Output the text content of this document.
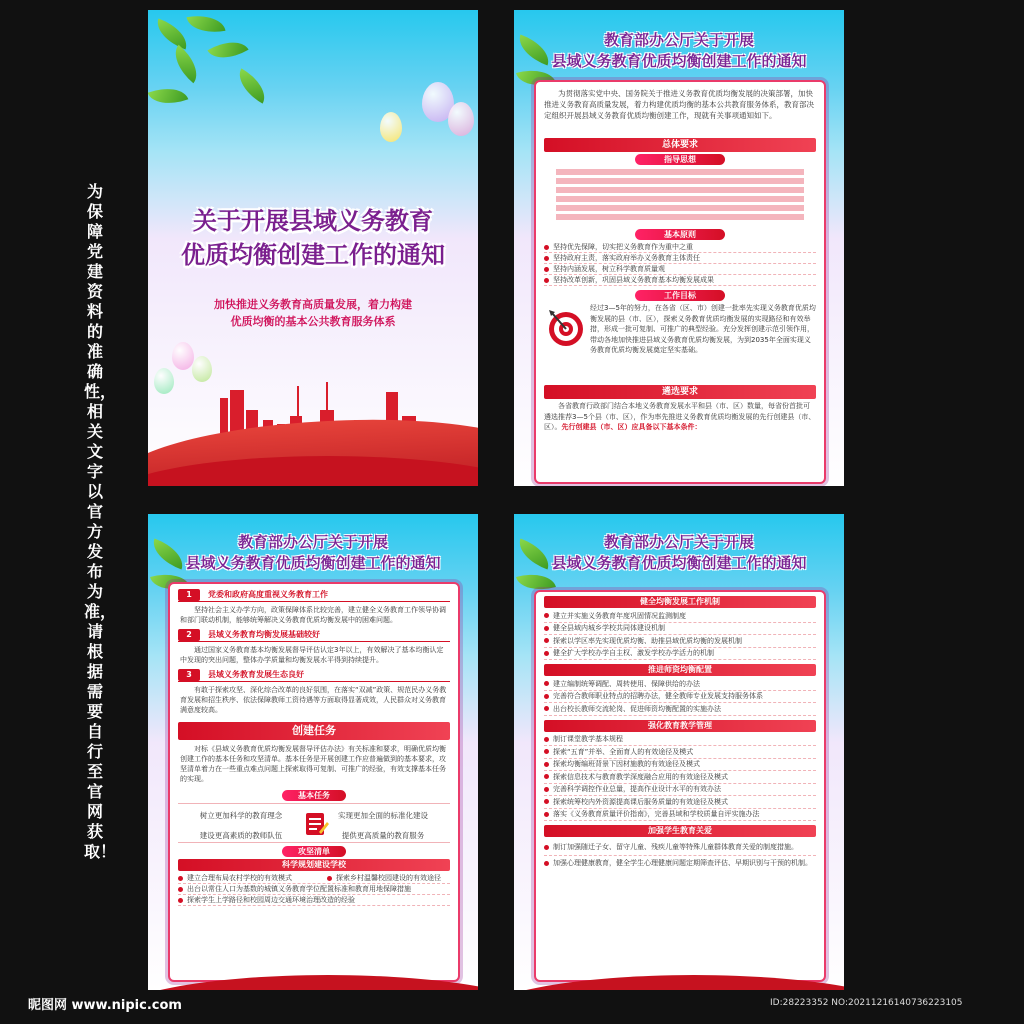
为保障党建资料的准确性，相关文字以官方发布为准，请根据需要自行至官网获取！
关于开展县域义务教育
优质均衡创建工作的通知
加快推进义务教育高质量发展，着力构建
优质均衡的基本公共教育服务体系
教育部办公厅关于开展
县域义务教育优质均衡创建工作的通知
为贯彻落实党中央、国务院关于推进义务教育优质均衡发展的决策部署，加快推进义务教育高质量发展，着力构建优质均衡的基本公共教育服务体系，教育部决定组织开展县域义务教育优质均衡创建工作，现就有关事项通知如下。
总体要求
指导思想
基本原则
坚持优先保障，切实把义务教育作为重中之重
坚持政府主责，落实政府举办义务教育主体责任
坚持内涵发展，树立科学教育质量观
坚持改革创新，巩固县域义务教育基本均衡发展成果
工作目标
经过3—5年的努力，在各省（区、市）创建一批率先实现义务教育优质均衡发展的县（市、区），探索义务教育优质均衡发展的实现路径和有效举措，形成一批可复制、可推广的典型经验。充分发挥创建示范引领作用，带动各地加快推进县域义务教育优质均衡发展，为到2035年全面实现义务教育优质均衡发展奠定坚实基础。
遴选要求
各省教育行政部门结合本地义务教育发展水平和县（市、区）数量，每省份首批可遴选推荐3—5个县（市、区），作为率先推进义务教育优质均衡发展的先行创建县（市、区）。先行创建县（市、区）应具备以下基本条件：
教育部办公厅关于开展
县域义务教育优质均衡创建工作的通知
1	党委和政府高度重视义务教育工作
坚持社会主义办学方向，政策保障体系比较完善，建立健全义务教育工作领导协调和部门联动机制，能够统筹解决义务教育优质均衡发展中的困难问题。
2	县域义务教育均衡发展基础较好
通过国家义务教育基本均衡发展督导评估认定3年以上，有效解决了基本均衡认定中发现的突出问题，整体办学质量和均衡发展水平得到持续提升。
3	县域义务教育发展生态良好
有敢于探索攻坚、深化综合改革的良好氛围，在落实“双减”政策、规范民办义务教育发展和招生秩序、依法保障教师工资待遇等方面取得显著成效，人民群众对义务教育满意度较高。
创建任务
对标《县域义务教育优质均衡发展督导评估办法》有关标准和要求，明确优质均衡创建工作的基本任务和攻坚清单。基本任务是开展创建工作应普遍做到的基本要求，攻坚清单着力在一些重点难点问题上探索取得可复制、可推广的经验，有效支撑基本任务的实现。
基本任务
树立更加科学的教育理念	实现更加全面的标准化建设
建设更高素质的教师队伍	提供更高质量的教育服务
攻坚清单
科学规划建设学校
建立合理布局农村学校的有效模式	探索乡村温馨校园建设的有效途径
出台以常住人口为基数的城镇义务教育学位配置标准和教育用地保障措施
探索学生上学路径和校园周边交通环境治理改造的经验
教育部办公厅关于开展
县域义务教育优质均衡创建工作的通知
健全均衡发展工作机制
建立并实施义务教育年度巩固情况监测制度
健全县域内城乡学校共同体建设机制
探索以学区率先实现优质均衡、助推县域优质均衡的发展机制
健全扩大学校办学自主权、激发学校办学活力的机制
推进师资均衡配置
建立编制统筹调配、周转使用、保障供给的办法
完善符合教师职业特点的招聘办法，健全教师专业发展支持服务体系
出台校长教师交流轮岗、促进师资均衡配置的实施办法
强化教育教学管理
制订课堂教学基本规程
探索“五育”并举、全面育人的有效途径及模式
探索均衡编班背景下因材施教的有效途径及模式
探索信息技术与教育教学深度融合应用的有效途径及模式
完善科学调控作业总量，提高作业设计水平的有效办法
探索统筹校内外资源提高课后服务质量的有效途径及模式
落实《义务教育质量评价指南》，完善县域和学校质量自评实施办法
加强学生教育关爱
制订加强随迁子女、留守儿童、残疾儿童等特殊儿童群体教育关爱的制度措施。
加强心理健康教育，健全学生心理健康问题定期筛查评估、早期识别与干预的机制。
昵图网 www.nipic.com	ID:28223352 NO:20211216140736223105
